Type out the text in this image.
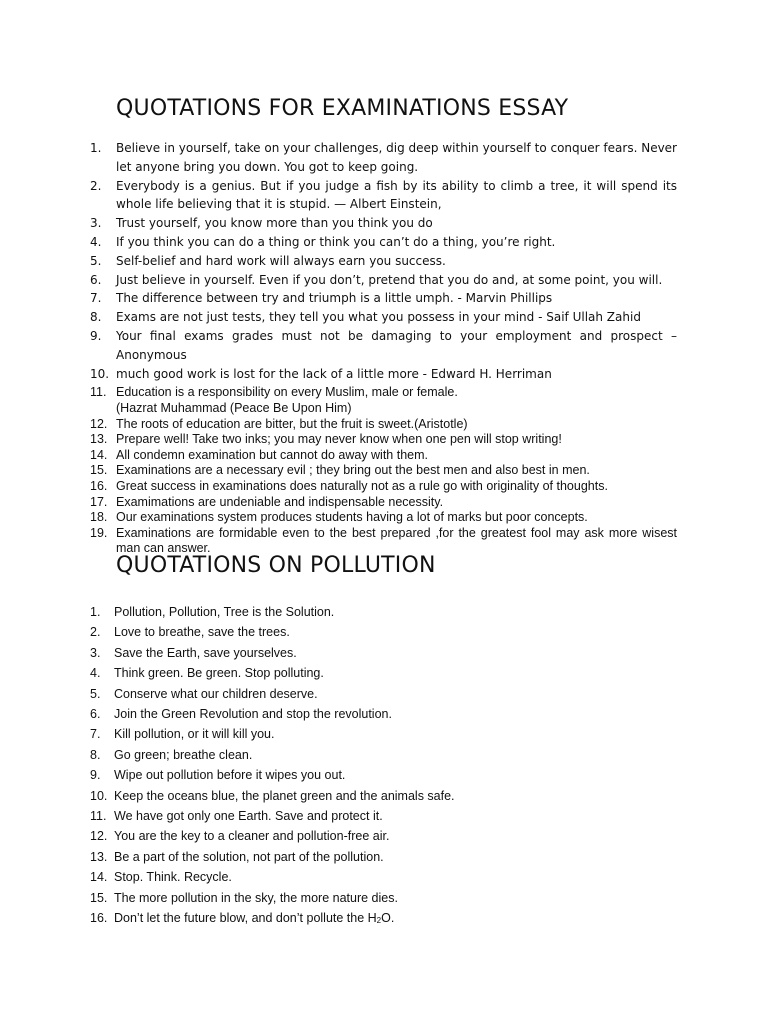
QUOTATIONS FOR EXAMINATIONS ESSAY
1. Believe in yourself, take on your challenges, dig deep within yourself to conquer fears. Never let anyone bring you down. You got to keep going.
2. Everybody is a genius. But if you judge a fish by its ability to climb a tree, it will spend its whole life believing that it is stupid. — Albert Einstein,
3. Trust yourself, you know more than you think you do
4. If you think you can do a thing or think you can’t do a thing, you’re right.
5. Self-belief and hard work will always earn you success.
6. Just believe in yourself. Even if you don’t, pretend that you do and, at some point, you will.
7. The difference between try and triumph is a little umph. - Marvin Phillips
8. Exams are not just tests, they tell you what you possess in your mind - Saif Ullah Zahid
9. Your final exams grades must not be damaging to your employment and prospect – Anonymous
10. much good work is lost for the lack of a little more - Edward H. Herriman
11. Education is a responsibility on every Muslim, male or female.
(Hazrat Muhammad (Peace Be Upon Him)
12. The roots of education are bitter, but the fruit is sweet.(Aristotle)
13. Prepare well! Take two inks; you may never know when one pen will stop writing!
14. All condemn examination but cannot do away with them.
15. Examinations are a necessary evil ; they bring out the best men and also best in men.
16. Great success in examinations does naturally not as a rule go with originality of thoughts.
17. Examimations are undeniable and indispensable necessity.
18. Our examinations system produces students having a lot of marks but poor concepts.
19. Examinations are formidable even to the best prepared ,for the greatest fool may ask more wisest man can answer.
QUOTATIONS ON POLLUTION
1. Pollution, Pollution, Tree is the Solution.
2. Love to breathe, save the trees.
3. Save the Earth, save yourselves.
4. Think green. Be green. Stop polluting.
5. Conserve what our children deserve.
6. Join the Green Revolution and stop the revolution.
7. Kill pollution, or it will kill you.
8. Go green; breathe clean.
9. Wipe out pollution before it wipes you out.
10. Keep the oceans blue, the planet green and the animals safe.
11. We have got only one Earth. Save and protect it.
12. You are the key to a cleaner and pollution-free air.
13. Be a part of the solution, not part of the pollution.
14. Stop. Think. Recycle.
15. The more pollution in the sky, the more nature dies.
16. Don’t let the future blow, and don’t pollute the $H_2O$.
